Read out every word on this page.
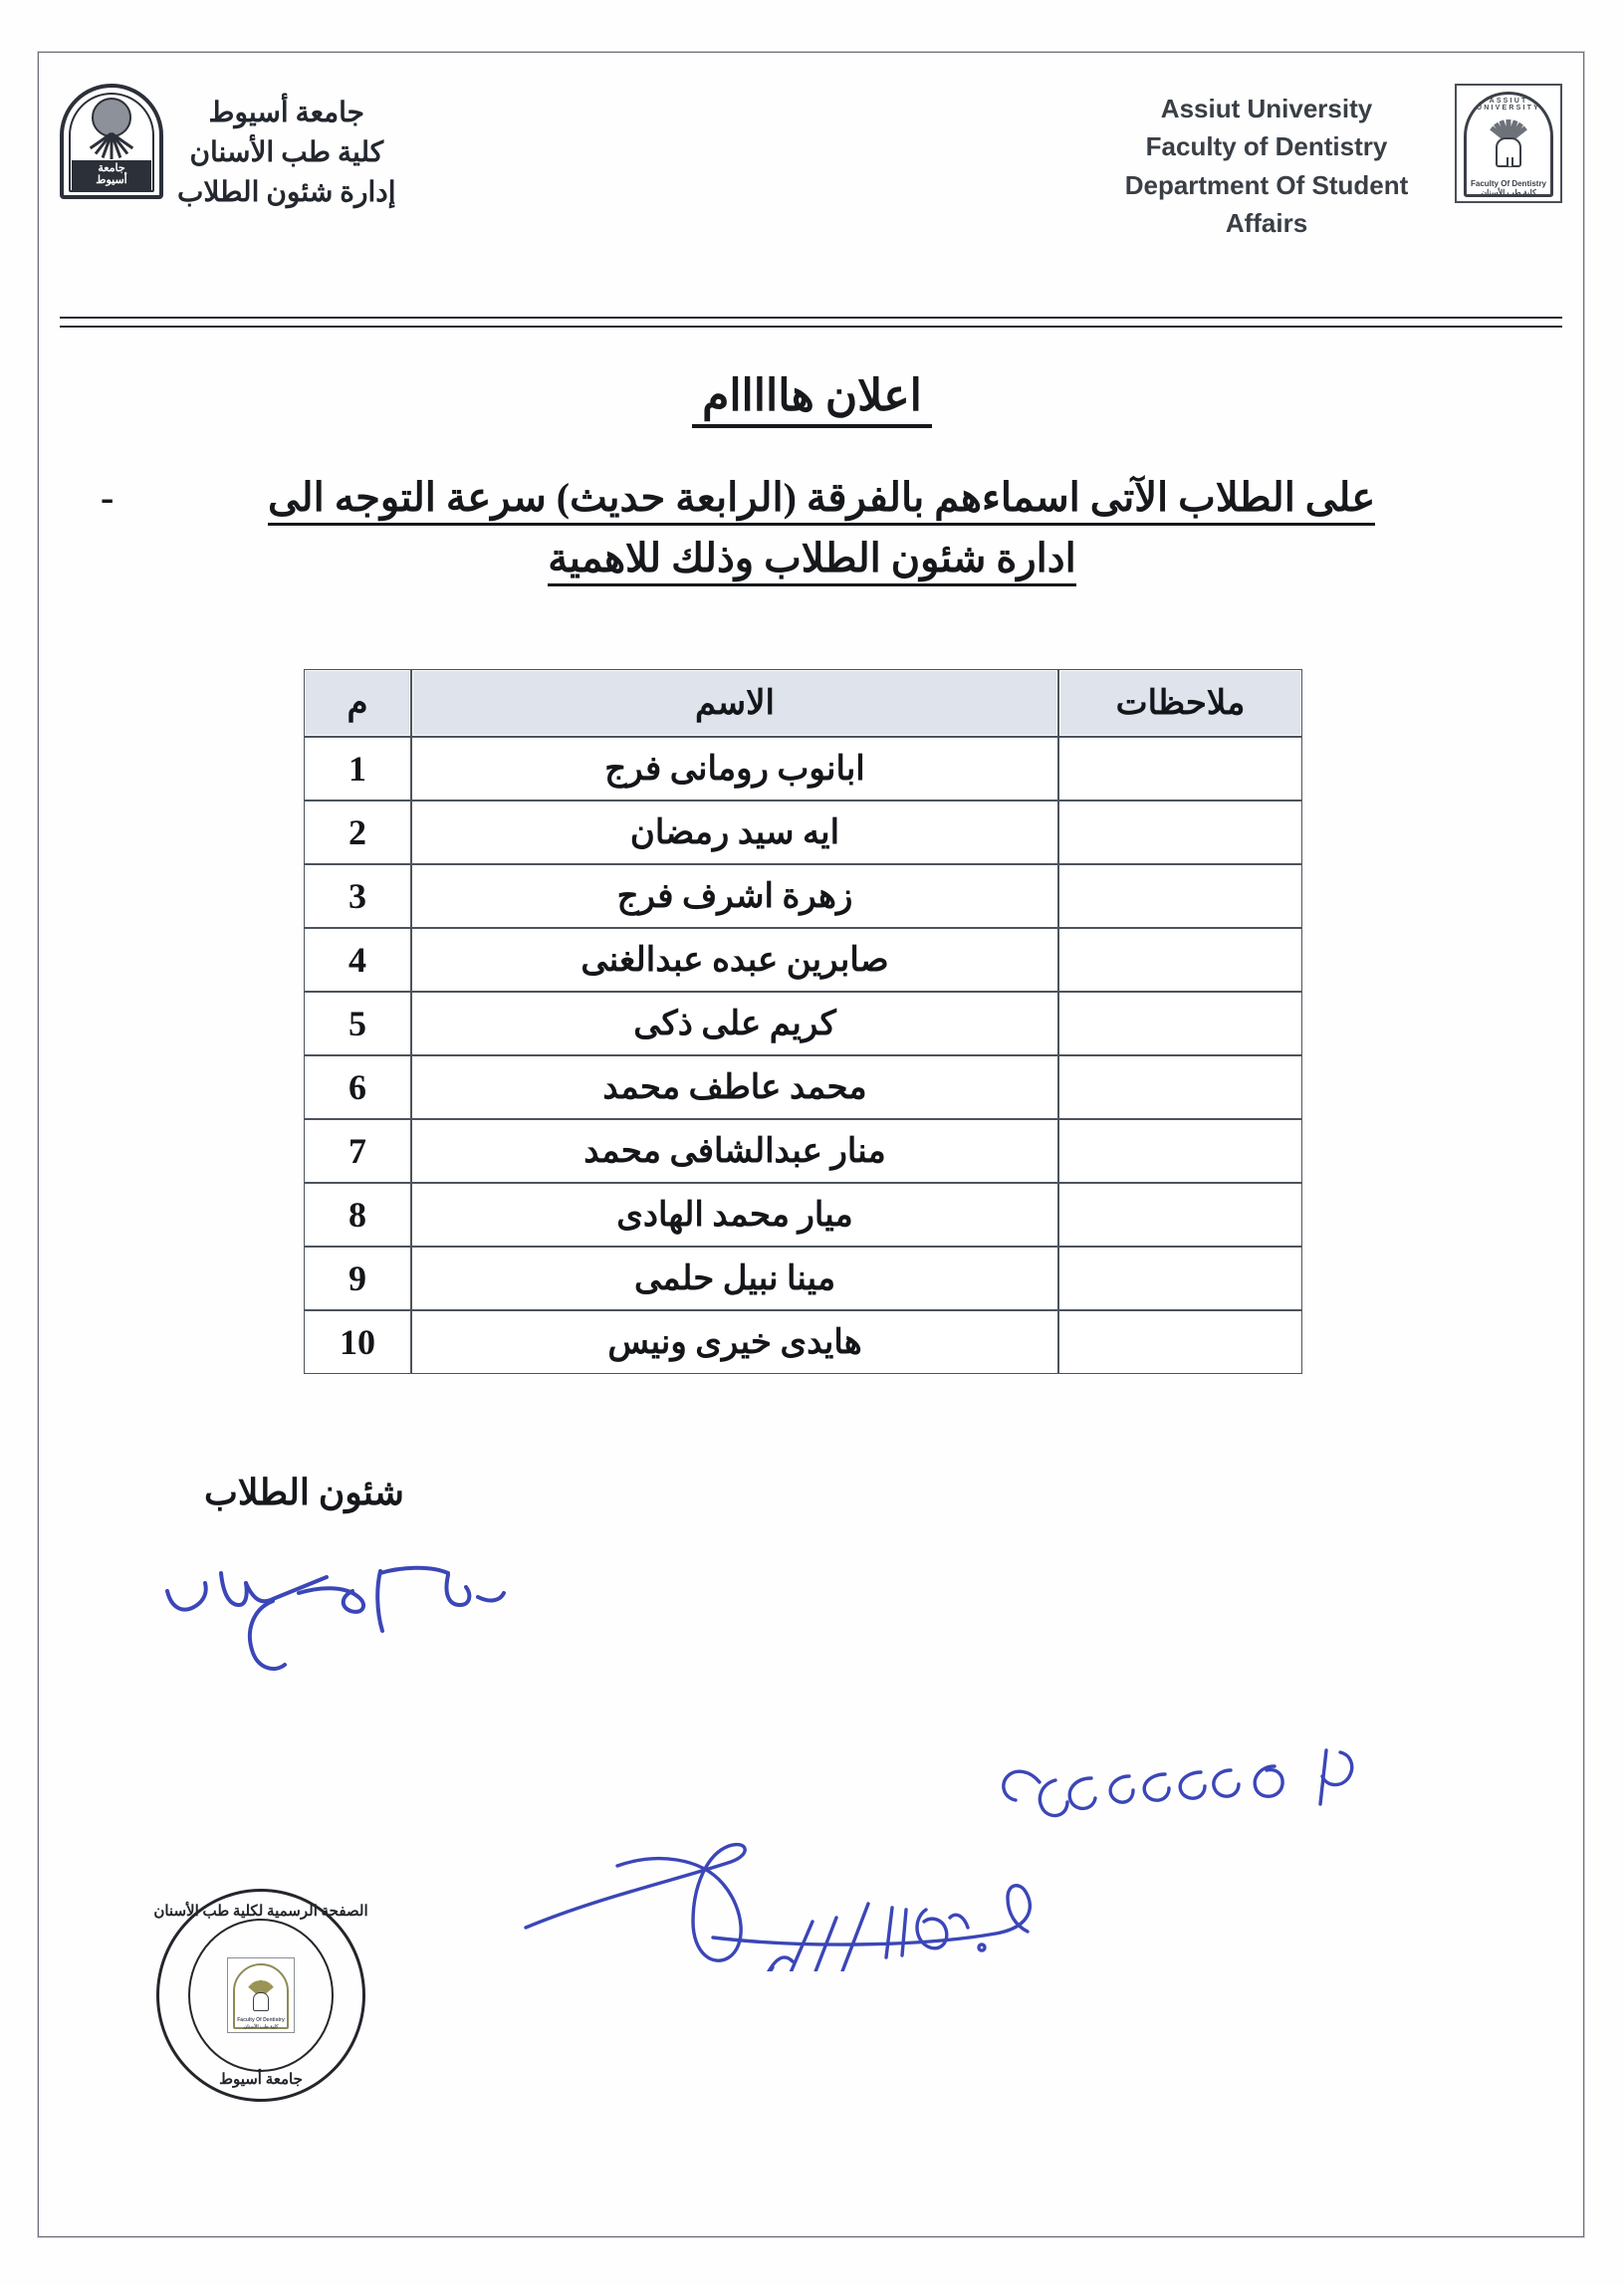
جامعة أسيوط
كلية طب الأسنان
إدارة شئون الطلاب
جامعة
أسيوط
ASSIUT UNIVERSITY
Faculty Of Dentistry
كلية طب الأسنان
Assiut University
Faculty of Dentistry
Department Of Student
Affairs
اعلان هااااام
-	على الطلاب الآتى اسماءهم بالفرقة (الرابعة حديث) سرعة التوجه الى
ادارة شئون الطلاب وذلك للاهمية
ملاحظات	الاسم	م
	ابانوب رومانى فرج	1
	ايه سيد رمضان	2
	زهرة اشرف فرج	3
	صابرين عبده عبدالغنى	4
	كريم على ذكى	5
	محمد عاطف محمد	6
	منار عبدالشافى محمد	7
	ميار محمد الهادى	8
	مينا نبيل حلمى	9
	هايدى خيرى ونيس	10
شئون الطلاب
الصفحة الرسمية لكلية طب الأسنان
جامعة أسيوط
Faculty Of Dentistry
كلية طب الأسنان
